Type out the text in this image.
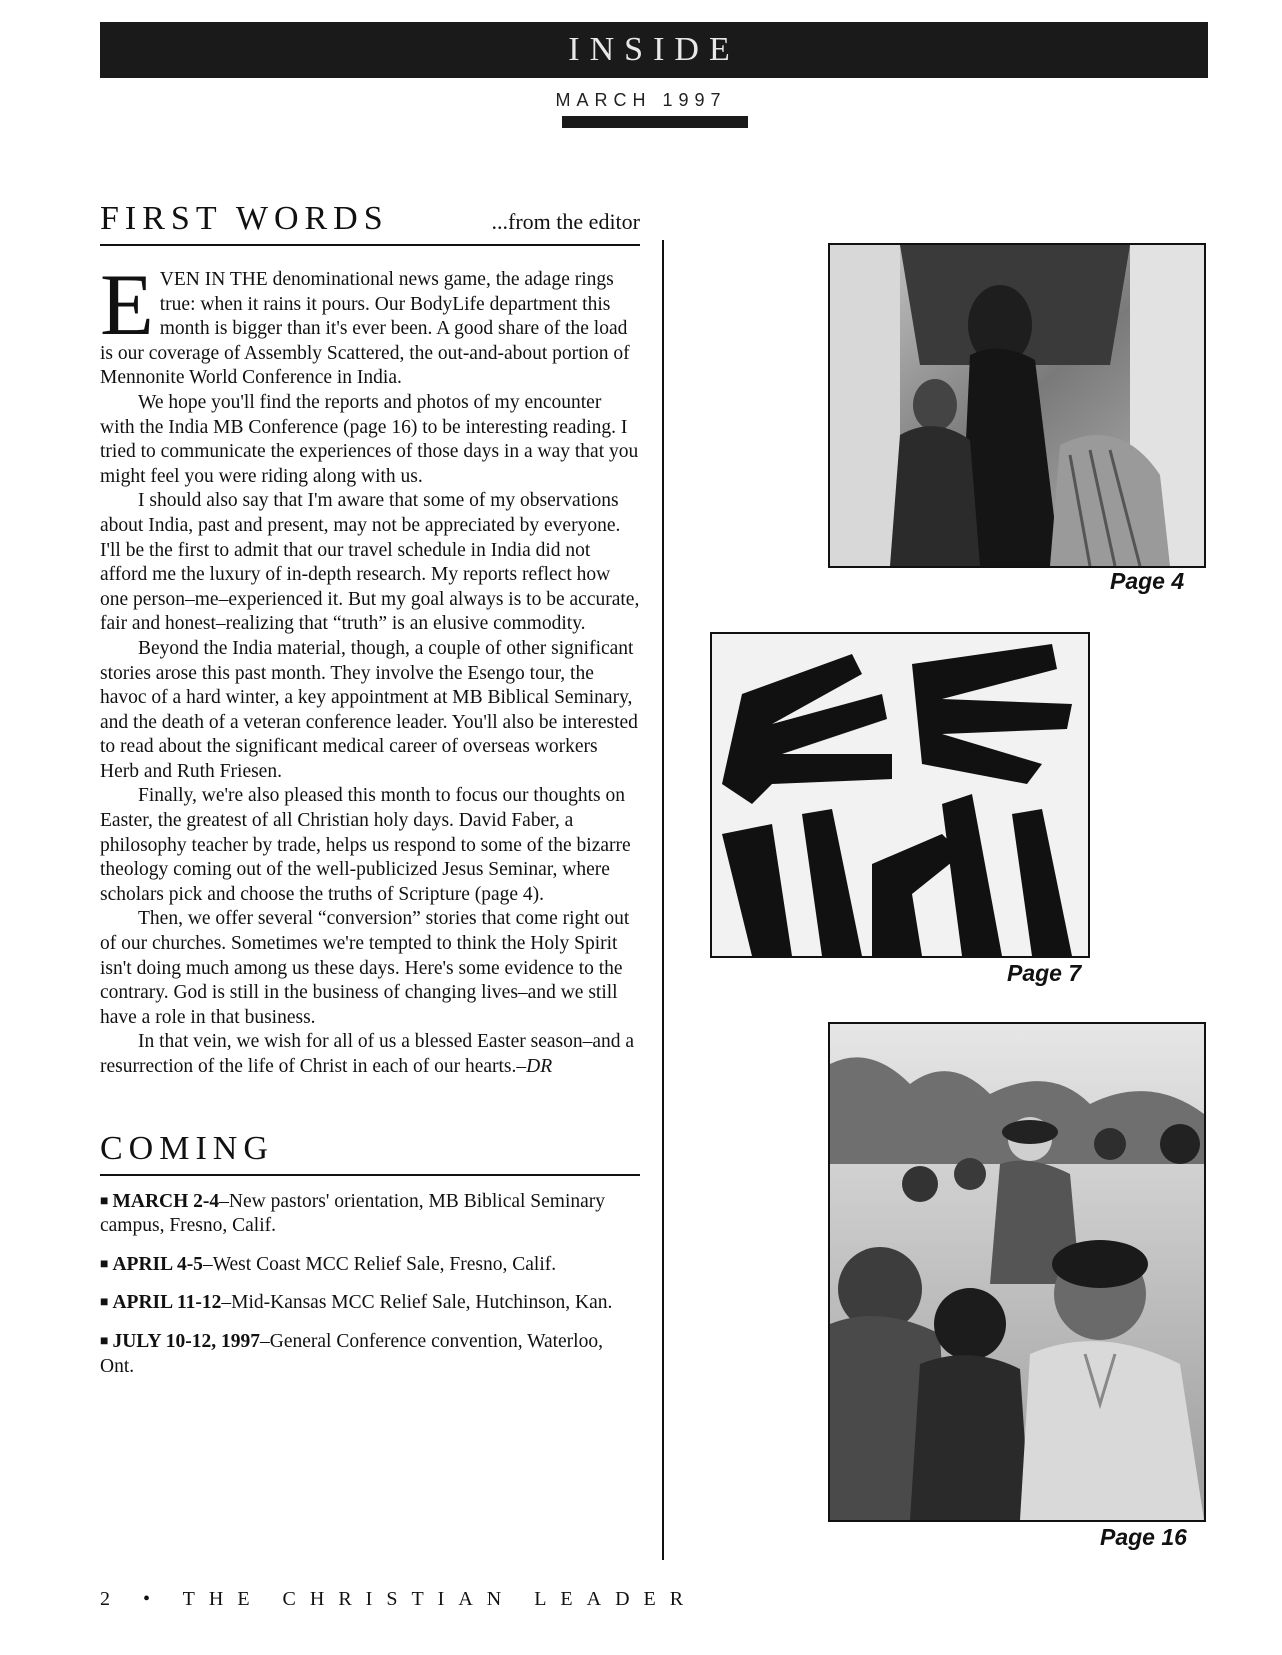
INSIDE
MARCH 1997
FIRST WORDS	...from the editor

EVEN IN THE denominational news game, the adage rings true: when it rains it pours. Our BodyLife department this month is bigger than it's ever been. A good share of the load is our coverage of Assembly Scattered, the out-and-about portion of Mennonite World Conference in India.

We hope you'll find the reports and photos of my encounter with the India MB Conference (page 16) to be interesting reading. I tried to communicate the experiences of those days in a way that you might feel you were riding along with us.

I should also say that I'm aware that some of my observations about India, past and present, may not be appreciated by everyone. I'll be the first to admit that our travel schedule in India did not afford me the luxury of in-depth research. My reports reflect how one person–me–experienced it. But my goal always is to be accurate, fair and honest–realizing that “truth” is an elusive commodity.

Beyond the India material, though, a couple of other significant stories arose this past month. They involve the Esengo tour, the havoc of a hard winter, a key appointment at MB Biblical Seminary, and the death of a veteran conference leader. You'll also be interested to read about the significant medical career of overseas workers Herb and Ruth Friesen.

Finally, we're also pleased this month to focus our thoughts on Easter, the greatest of all Christian holy days. David Faber, a philosophy teacher by trade, helps us respond to some of the bizarre theology coming out of the well-publicized Jesus Seminar, where scholars pick and choose the truths of Scripture (page 4).

Then, we offer several “conversion” stories that come right out of our churches. Sometimes we're tempted to think the Holy Spirit isn't doing much among us these days. Here's some evidence to the contrary. God is still in the business of changing lives–and we still have a role in that business.

In that vein, we wish for all of us a blessed Easter season–and a resurrection of the life of Christ in each of our hearts.–DR

COMING

■ MARCH 2-4–New pastors' orientation, MB Biblical Seminary campus, Fresno, Calif.

■ APRIL 4-5–West Coast MCC Relief Sale, Fresno, Calif.

■ APRIL 11-12–Mid-Kansas MCC Relief Sale, Hutchinson, Kan.

■ JULY 10-12, 1997–General Conference convention, Waterloo, Ont.

2 • THE CHRISTIAN LEADER
Page 4
Page 7
Page 16
